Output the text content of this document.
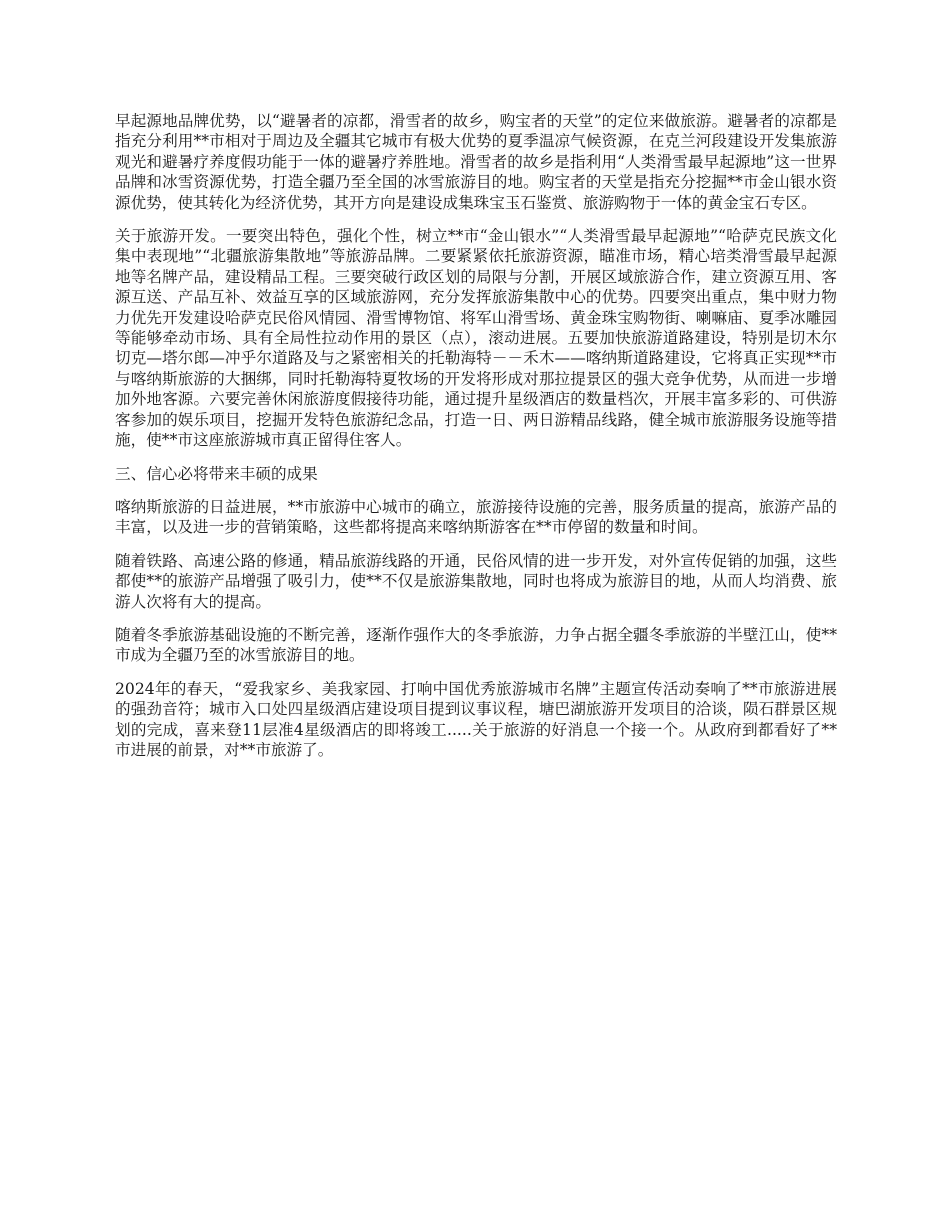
早起源地品牌优势，以“避暑者的凉都，滑雪者的故乡，购宝者的天堂”的定位来做旅游。避暑者的凉都是指充分利用**市相对于周边及全疆其它城市有极大优势的夏季温凉气候资源，在克兰河段建设开发集旅游观光和避暑疗养度假功能于一体的避暑疗养胜地。滑雪者的故乡是指利用“人类滑雪最早起源地”这一世界品牌和冰雪资源优势，打造全疆乃至全国的冰雪旅游目的地。购宝者的天堂是指充分挖掘**市金山银水资源优势，使其转化为经济优势，其开方向是建设成集珠宝玉石鉴赏、旅游购物于一体的黄金宝石专区。

关于旅游开发。一要突出特色，强化个性，树立**市“金山银水”“人类滑雪最早起源地”“哈萨克民族文化集中表现地”“北疆旅游集散地”等旅游品牌。二要紧紧依托旅游资源，瞄准市场，精心培类滑雪最早起源地等名牌产品，建设精品工程。三要突破行政区划的局限与分割，开展区域旅游合作，建立资源互用、客源互送、产品互补、效益互享的区域旅游网，充分发挥旅游集散中心的优势。四要突出重点，集中财力物力优先开发建设哈萨克民俗风情园、滑雪博物馆、将军山滑雪场、黄金珠宝购物街、喇嘛庙、夏季冰雕园等能够牵动市场、具有全局性拉动作用的景区（点），滚动进展。五要加快旅游道路建设，特别是切木尔切克—塔尔郎—冲乎尔道路及与之紧密相关的托勒海特－－禾木——喀纳斯道路建设，它将真正实现**市与喀纳斯旅游的大捆绑，同时托勒海特夏牧场的开发将形成对那拉提景区的强大竞争优势，从而进一步增加外地客源。六要完善休闲旅游度假接待功能，通过提升星级酒店的数量档次，开展丰富多彩的、可供游客参加的娱乐项目，挖掘开发特色旅游纪念品，打造一日、两日游精品线路，健全城市旅游服务设施等措施，使**市这座旅游城市真正留得住客人。

三、信心必将带来丰硕的成果

喀纳斯旅游的日益进展，**市旅游中心城市的确立，旅游接待设施的完善，服务质量的提高，旅游产品的丰富，以及进一步的营销策略，这些都将提高来喀纳斯游客在**市停留的数量和时间。

随着铁路、高速公路的修通，精品旅游线路的开通，民俗风情的进一步开发，对外宣传促销的加强，这些都使**的旅游产品增强了吸引力，使**不仅是旅游集散地，同时也将成为旅游目的地，从而人均消费、旅游人次将有大的提高。

随着冬季旅游基础设施的不断完善，逐渐作强作大的冬季旅游，力争占据全疆冬季旅游的半壁江山，使**市成为全疆乃至的冰雪旅游目的地。

2024年的春天，“爱我家乡、美我家园、打响中国优秀旅游城市名牌”主题宣传活动奏响了**市旅游进展的强劲音符；城市入口处四星级酒店建设项目提到议事议程，塘巴湖旅游开发项目的洽谈，陨石群景区规划的完成，喜来登11层准4星级酒店的即将竣工.....关于旅游的好消息一个接一个。从政府到都看好了**市进展的前景，对**市旅游了。
